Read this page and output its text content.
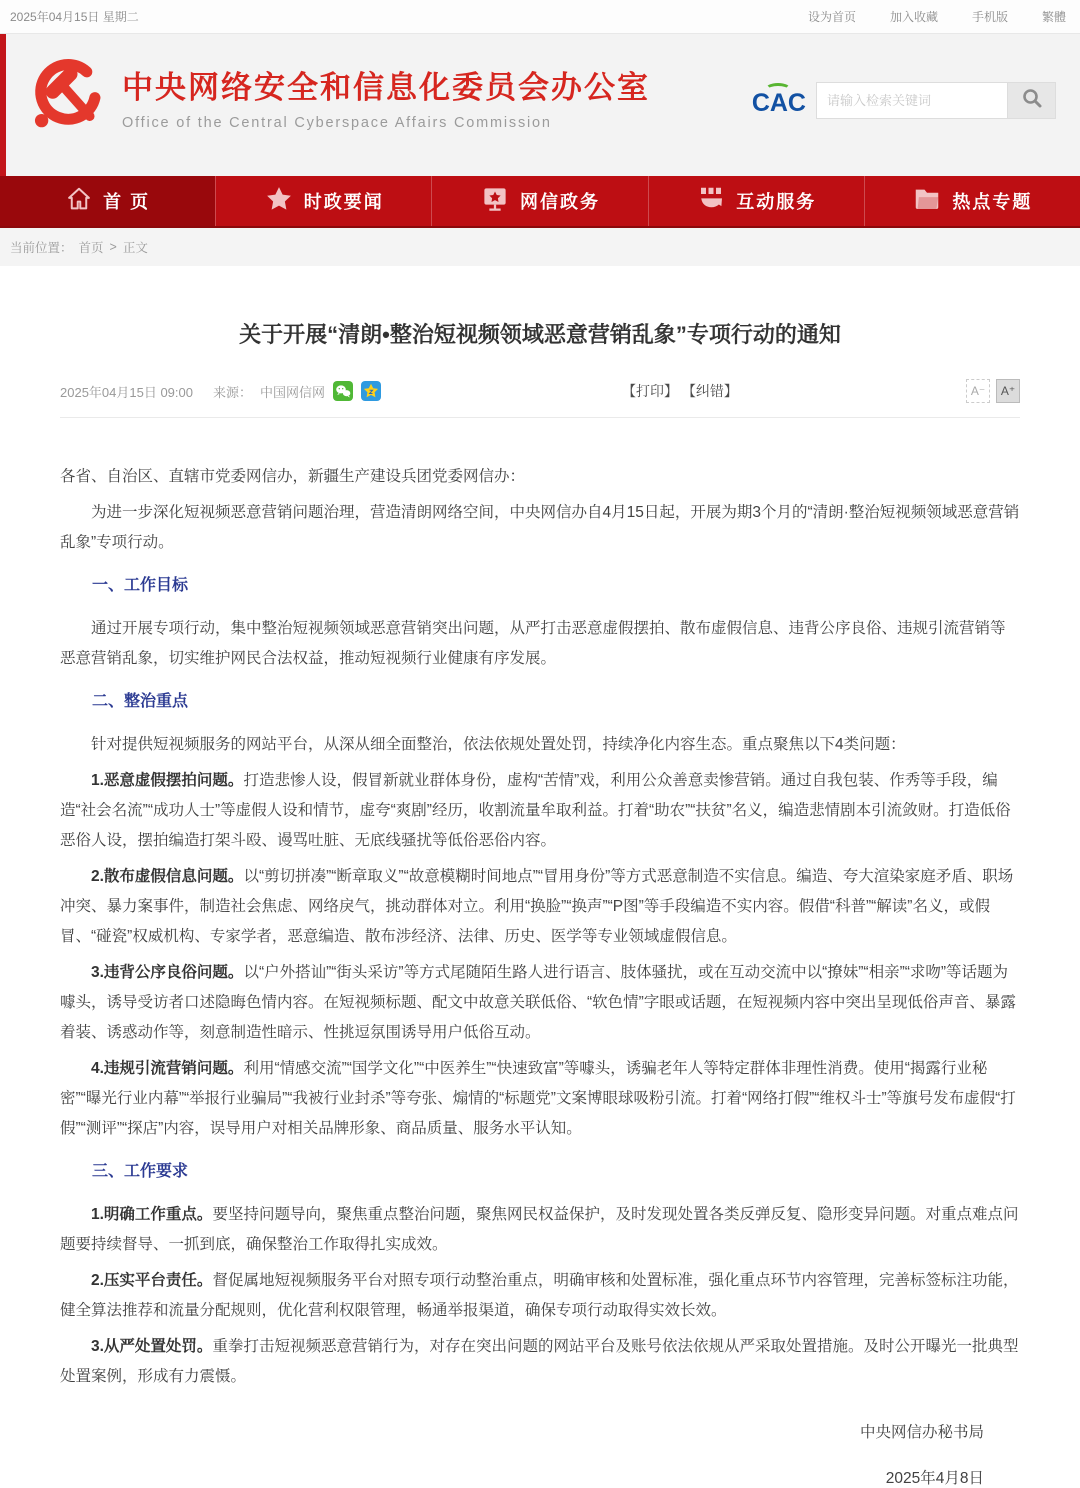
2025年04月15日 星期二	设为首页	加入收藏	手机版	繁體
中央网络安全和信息化委员会办公室
Office of the Central Cyberspace Affairs Commission
CAC
请输入检索关键词
首 页	时政要闻	网信政务	互动服务	热点专题
当前位置： 首页 > 正文
关于开展“清朗•整治短视频领域恶意营销乱象”专项行动的通知
2025年04月15日 09:00 来源： 中国网信网	【打印】 【纠错】	A⁻	A⁺

各省、自治区、直辖市党委网信办，新疆生产建设兵团党委网信办：

为进一步深化短视频恶意营销问题治理，营造清朗网络空间，中央网信办自4月15日起，开展为期3个月的“清朗·整治短视频领域恶意营销乱象”专项行动。

一、工作目标

通过开展专项行动，集中整治短视频领域恶意营销突出问题，从严打击恶意虚假摆拍、散布虚假信息、违背公序良俗、违规引流营销等恶意营销乱象，切实维护网民合法权益，推动短视频行业健康有序发展。

二、整治重点

针对提供短视频服务的网站平台，从深从细全面整治，依法依规处置处罚，持续净化内容生态。重点聚焦以下4类问题：

1.恶意虚假摆拍问题。打造悲惨人设，假冒新就业群体身份，虚构“苦情”戏，利用公众善意卖惨营销。通过自我包装、作秀等手段，编造“社会名流”“成功人士”等虚假人设和情节，虚夸“爽剧”经历，收割流量牟取利益。打着“助农”“扶贫”名义，编造悲情剧本引流敛财。打造低俗恶俗人设，摆拍编造打架斗殴、谩骂吐脏、无底线骚扰等低俗恶俗内容。

2.散布虚假信息问题。以“剪切拼凑”“断章取义”“故意模糊时间地点”“冒用身份”等方式恶意制造不实信息。编造、夸大渲染家庭矛盾、职场冲突、暴力案事件，制造社会焦虑、网络戾气，挑动群体对立。利用“换脸”“换声”“P图”等手段编造不实内容。假借“科普”“解读”名义，或假冒、“碰瓷”权威机构、专家学者，恶意编造、散布涉经济、法律、历史、医学等专业领域虚假信息。

3.违背公序良俗问题。以“户外搭讪”“街头采访”等方式尾随陌生路人进行语言、肢体骚扰，或在互动交流中以“撩妹”“相亲”“求吻”等话题为噱头，诱导受访者口述隐晦色情内容。在短视频标题、配文中故意关联低俗、“软色情”字眼或话题，在短视频内容中突出呈现低俗声音、暴露着装、诱惑动作等，刻意制造性暗示、性挑逗氛围诱导用户低俗互动。

4.违规引流营销问题。利用“情感交流”“国学文化”“中医养生”“快速致富”等噱头，诱骗老年人等特定群体非理性消费。使用“揭露行业秘密”“曝光行业内幕”“举报行业骗局”“我被行业封杀”等夸张、煽情的“标题党”文案博眼球吸粉引流。打着“网络打假”“维权斗士”等旗号发布虚假“打假”“测评”“探店”内容，误导用户对相关品牌形象、商品质量、服务水平认知。

三、工作要求

1.明确工作重点。要坚持问题导向，聚焦重点整治问题，聚焦网民权益保护，及时发现处置各类反弹反复、隐形变异问题。对重点难点问题要持续督导、一抓到底，确保整治工作取得扎实成效。

2.压实平台责任。督促属地短视频服务平台对照专项行动整治重点，明确审核和处置标准，强化重点环节内容管理，完善标签标注功能，健全算法推荐和流量分配规则，优化营利权限管理，畅通举报渠道，确保专项行动取得实效长效。

3.从严处置处罚。重拳打击短视频恶意营销行为，对存在突出问题的网站平台及账号依法依规从严采取处置措施。及时公开曝光一批典型处置案例，形成有力震慑。

中央网信办秘书局
2025年4月8日
